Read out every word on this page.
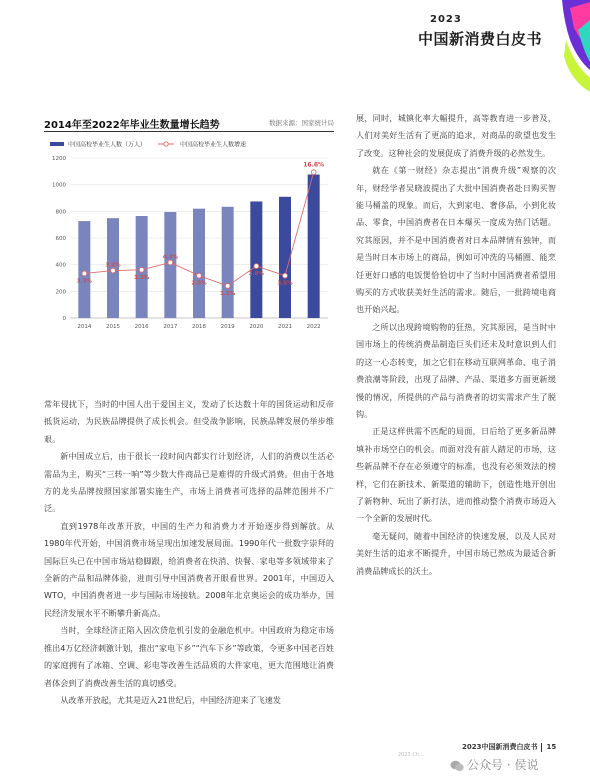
2023
中国新消费白皮书
2014年至2022年毕业生数量增长趋势	数据来源：国家统计局
中国高校毕业生人数（万人）	中国高校毕业生人数增速
0
200
400
600
800
1000
1200
2014	2015	2016	2017	2018	2019	2020	2021	2022
3.3%
3.2%
3.3%
4.3%
2.5%
1.1%
3.8%
3.5%
16.6%

常年侵扰下，当时的中国人出于爱国主义，发动了长达数十年的国货运动和反帝抵货运动，为民族品牌提供了成长机会。但受战争影响，民族品牌发展仍举步维艰。

新中国成立后，由于很长一段时间内都实行计划经济，人们的消费以生活必需品为主，购买“三转一响”等少数大件商品已是难得的升级式消费。但由于各地方的龙头品牌按照国家部署实施生产，市场上消费者可选择的品牌范围并不广泛。

直到1978年改革开放，中国的生产力和消费力才开始逐步得到解放。从1980年代开始，中国消费市场呈现出加速发展局面。1990年代一批数字崇拜的国际巨头已在中国市场站稳脚跟，给消费者在快消、快餐、家电等多领域带来了全新的产品和品牌体验，进而引导中国消费者开眼看世界。2001年，中国迈入WTO，中国消费者进一步与国际市场接轨。2008年北京奥运会的成功举办，国民经济发展水平不断攀升新高点。

当时，全球经济正陷入因次贷危机引发的金融危机中。中国政府为稳定市场推出4万亿经济刺激计划，推出“家电下乡”“汽车下乡”等政策，令更多中国老百姓的家庭拥有了冰箱、空调、彩电等改善生活品质的大件家电，更大范围地让消费者体会到了消费改善生活的真切感受。

从改革开放起，尤其是迈入21世纪后，中国经济迎来了飞速发

展，同时，城镇化率大幅提升，高等教育进一步普及，人们对美好生活有了更高的追求，对商品的欲望也发生了改变。这种社会的发展促成了消费升级的必然发生。

就在《第一财经》杂志提出“消费升级”观察的次年，财经学者吴晓波提出了大批中国消费者赴日购买智能马桶盖的现象。而后，大到家电、奢侈品，小到化妆品、零食，中国消费者在日本爆买一度成为热门话题。究其原因，并不是中国消费者对日本品牌情有独钟，而是当时日本市场上的商品，例如可冲洗的马桶圈、能烹饪更好口感的电饭煲恰恰切中了当时中国消费者希望用购买的方式收获美好生活的需求。随后，一批跨境电商也开始兴起。

之所以出现跨境购物的狂热，究其原因，是当时中国市场上的传统消费品制造巨头们还未及时意识到人们的这一心态转变，加之它们在移动互联网革命、电子消费浪潮等阶段，出现了品牌、产品、渠道多方面更新缓慢的情况，所提供的产品与消费者的切实需求产生了脱钩。

正是这样供需不匹配的局面，日后给了更多新品牌填补市场空白的机会。而面对没有前人踏足的市场，这些新品牌不存在必须遵守的标准，也没有必须效法的榜样，它们在新技术、新渠道的辅助下，创造性地开创出了新物种、玩出了新打法，进而推动整个消费市场迈入一个全新的发展时代。

毫无疑问，随着中国经济的快速发展，以及人民对美好生活的追求不断提升，中国市场已然成为最适合新消费品牌成长的沃土。

2023中国新消费白皮书 15
2023 Ch...
公众号 · 侯说
